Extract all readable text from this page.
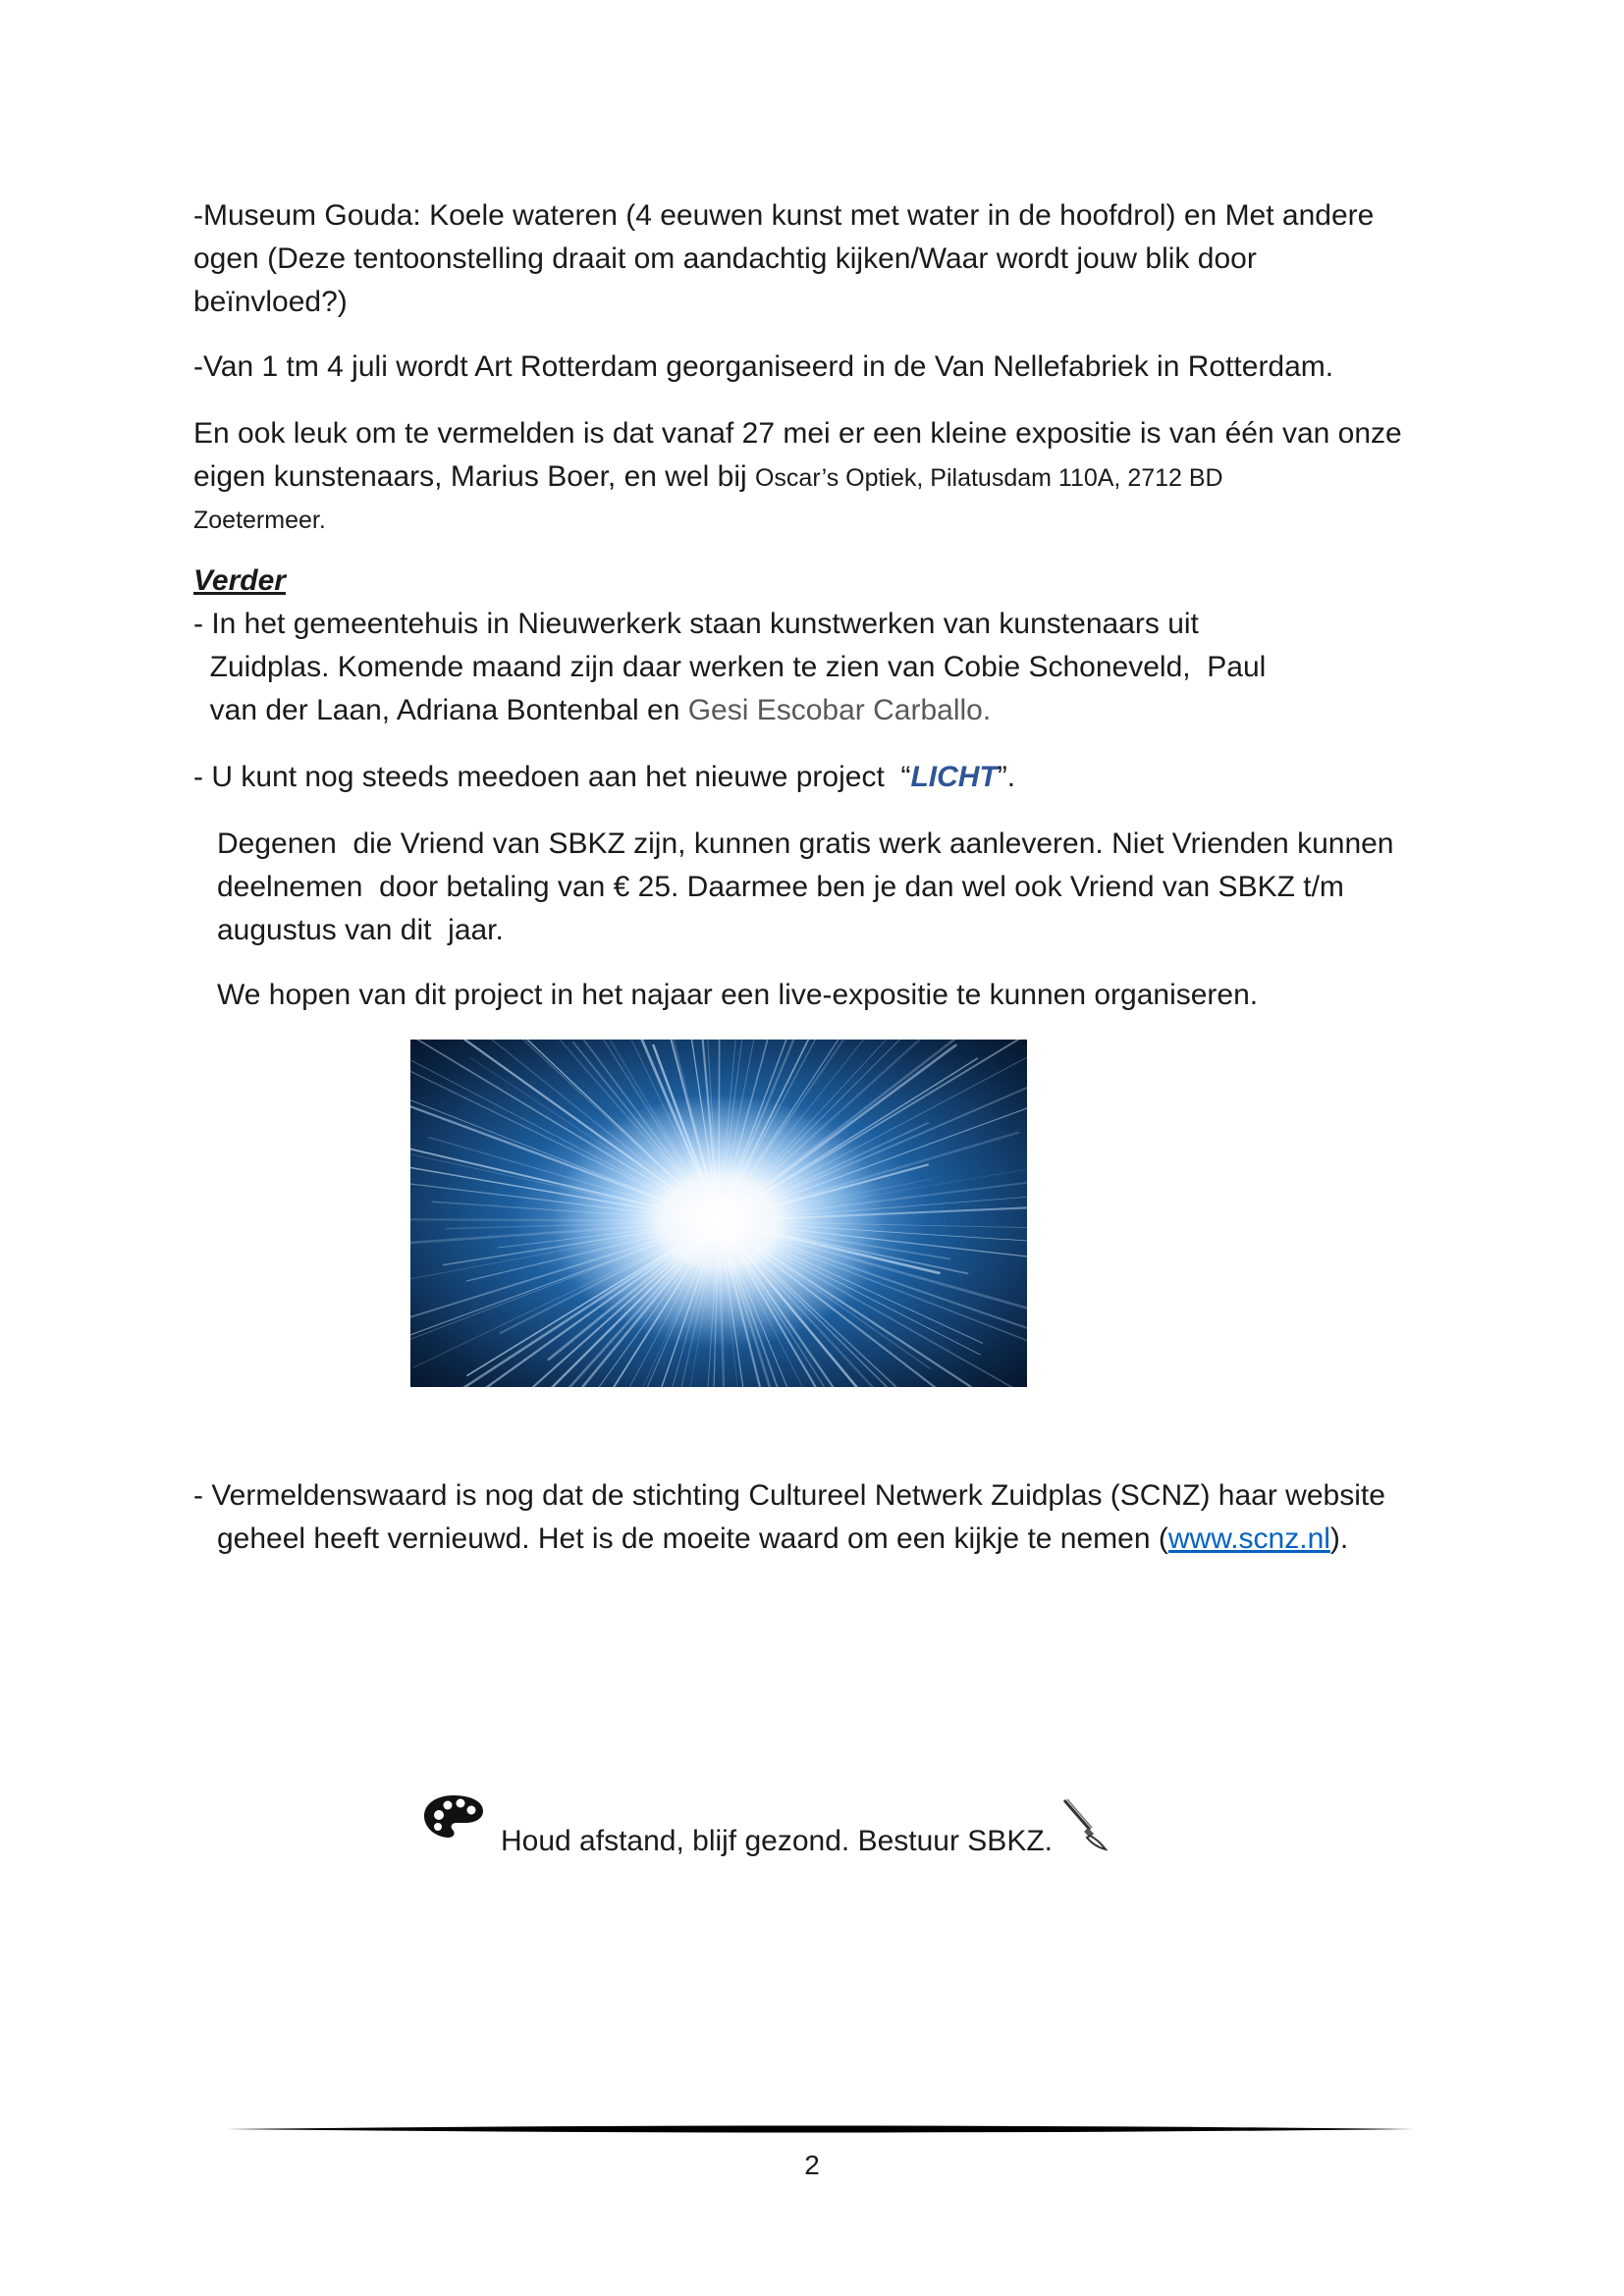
-Museum Gouda: Koele wateren (4 eeuwen kunst met water in de hoofdrol) en Met andere

ogen (Deze tentoonstelling draait om aandachtig kijken/Waar wordt jouw blik door

beïnvloed?)

-Van 1 tm 4 juli wordt Art Rotterdam georganiseerd in de Van Nellefabriek in Rotterdam.

En ook leuk om te vermelden is dat vanaf 27 mei er een kleine expositie is van één van onze

eigen kunstenaars, Marius Boer, en wel bij Oscar’s Optiek, Pilatusdam 110A, 2712 BD

Zoetermeer.

Verder

- In het gemeentehuis in Nieuwerkerk staan kunstwerken van kunstenaars uit

Zuidplas. Komende maand zijn daar werken te zien van Cobie Schoneveld,  Paul

van der Laan, Adriana Bontenbal en Gesi Escobar Carballo.

- U kunt nog steeds meedoen aan het nieuwe project  “LICHT”.

Degenen  die Vriend van SBKZ zijn, kunnen gratis werk aanleveren. Niet Vrienden kunnen

deelnemen  door betaling van € 25. Daarmee ben je dan wel ook Vriend van SBKZ t/m

augustus van dit  jaar.

We hopen van dit project in het najaar een live-expositie te kunnen organiseren.

- Vermeldenswaard is nog dat de stichting Cultureel Netwerk Zuidplas (SCNZ) haar website

geheel heeft vernieuwd. Het is de moeite waard om een kijkje te nemen (www.scnz.nl).

Houd afstand, blijf gezond. Bestuur SBKZ.

2
